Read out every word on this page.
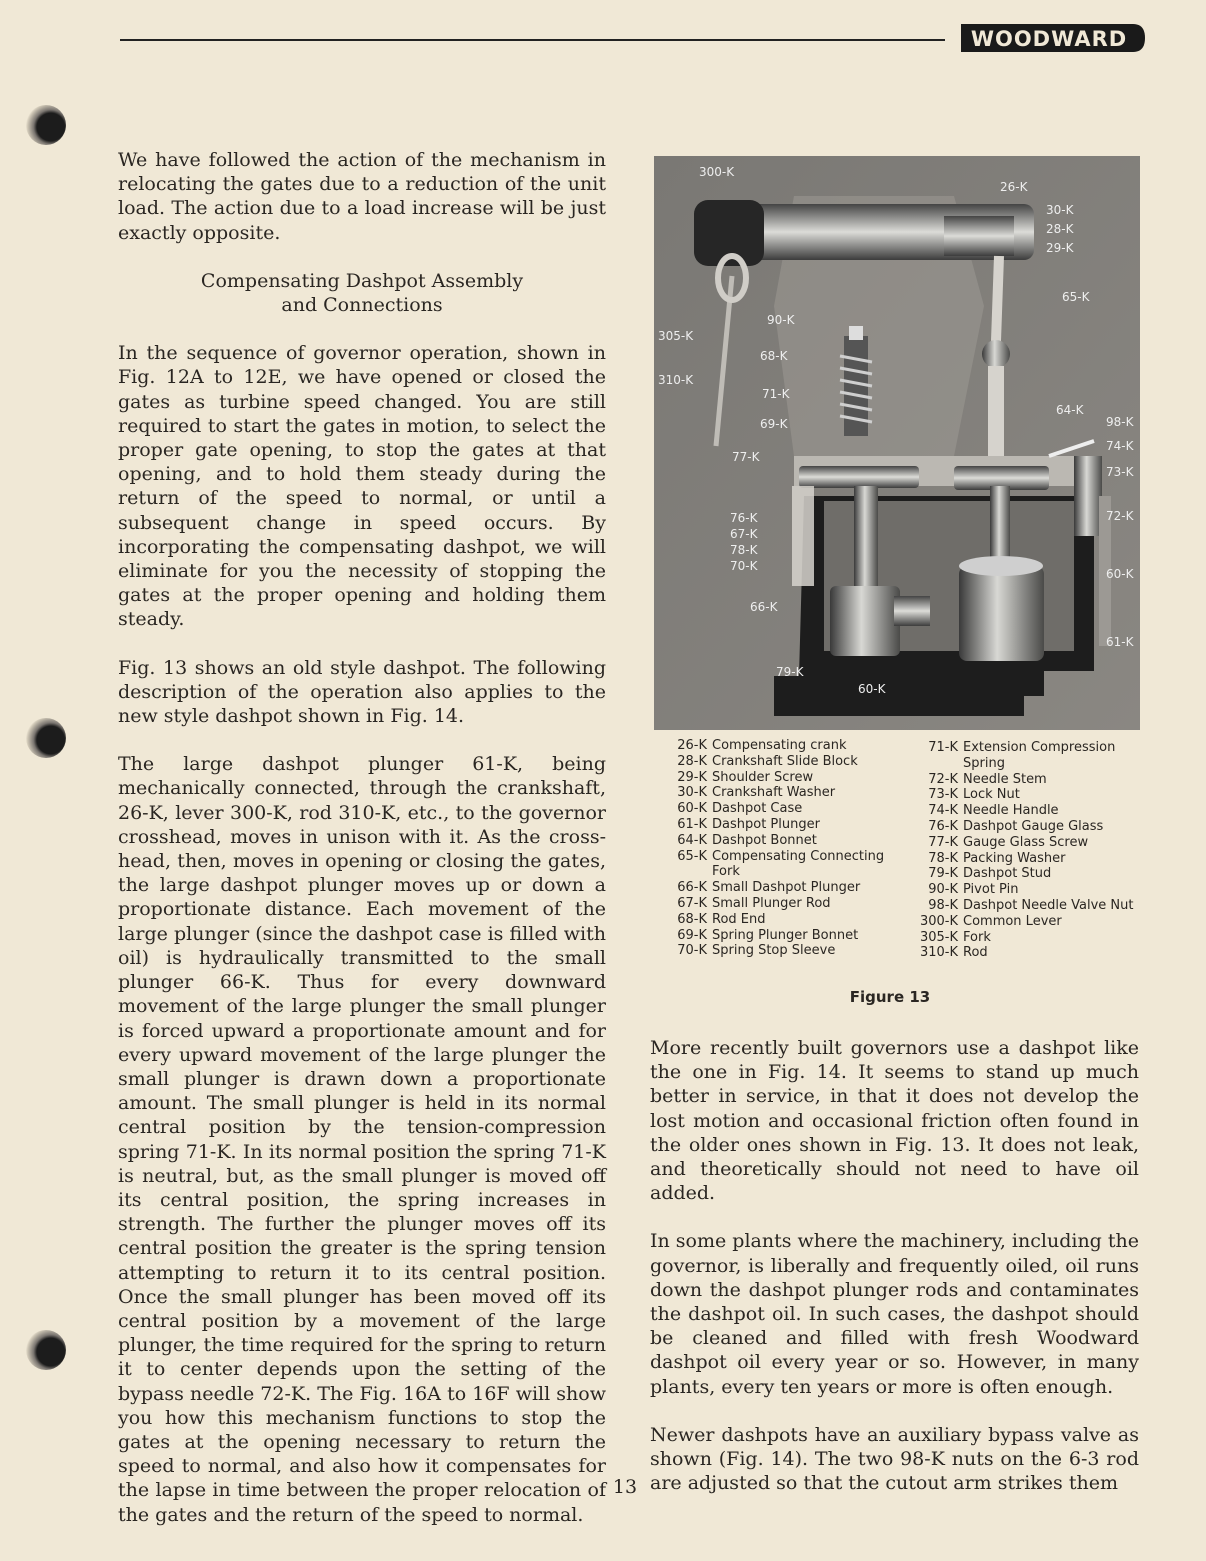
WOODWARD

We have followed the action of the mechanism in relocating the gates due to a reduction of the unit load. The action due to a load increase will be just exactly opposite.

Compensating Dashpot Assembly
and Connections

In the sequence of governor operation, shown in Fig. 12A to 12E, we have opened or closed the gates as turbine speed changed. You are still required to start the gates in motion, to select the proper gate opening, to stop the gates at that opening, and to hold them steady during the return of the speed to normal, or until a subsequent change in speed occurs. By incorporating the compensating dashpot, we will eliminate for you the necessity of stopping the gates at the proper opening and holding them steady.

Fig. 13 shows an old style dashpot. The following description of the operation also applies to the new style dashpot shown in Fig. 14.

The large dashpot plunger 61-K, being mechanically connected, through the crankshaft, 26-K, lever 300-K, rod 310-K, etc., to the governor crosshead, moves in unison with it. As the cross-head, then, moves in opening or closing the gates, the large dashpot plunger moves up or down a proportionate distance. Each movement of the large plunger (since the dashpot case is filled with oil) is hydraulically transmitted to the small plunger 66-K. Thus for every downward movement of the large plunger the small plunger is forced upward a proportionate amount and for every upward movement of the large plunger the small plunger is drawn down a proportionate amount. The small plunger is held in its normal central position by the tension-compression spring 71-K. In its normal position the spring 71-K is neutral, but, as the small plunger is moved off its central position, the spring increases in strength. The further the plunger moves off its central position the greater is the spring tension attempting to return it to its central position. Once the small plunger has been moved off its central position by a movement of the large plunger, the time required for the spring to return it to center depends upon the setting of the bypass needle 72-K. The Fig. 16A to 16F will show you how this mechanism functions to stop the gates at the opening necessary to return the speed to normal, and also how it compensates for the lapse in time between the proper relocation of the gates and the return of the speed to normal.

300-K
26-K
30-K
28-K
29-K
65-K
305-K
90-K
68-K
310-K
71-K
69-K
64-K
98-K
74-K
73-K
77-K
76-K	72-K
67-K
78-K
70-K
60-K
66-K
61-K
79-K
60-K
26-K Compensating crank
28-K Crankshaft Slide Block
29-K Shoulder Screw
30-K Crankshaft Washer
60-K Dashpot Case
61-K Dashpot Plunger
64-K Dashpot Bonnet
65-K Compensating Connecting Fork
66-K Small Dashpot Plunger
67-K Small Plunger Rod
68-K Rod End
69-K Spring Plunger Bonnet
70-K Spring Stop Sleeve
71-K Extension Compression Spring
72-K Needle Stem
73-K Lock Nut
74-K Needle Handle
76-K Dashpot Gauge Glass
77-K Gauge Glass Screw
78-K Packing Washer
79-K Dashpot Stud
90-K Pivot Pin
98-K Dashpot Needle Valve Nut
300-K Common Lever
305-K Fork
310-K Rod
Figure 13

More recently built governors use a dashpot like the one in Fig. 14. It seems to stand up much better in service, in that it does not develop the lost motion and occasional friction often found in the older ones shown in Fig. 13. It does not leak, and theoretically should not need to have oil added.

In some plants where the machinery, including the governor, is liberally and frequently oiled, oil runs down the dashpot plunger rods and contaminates the dashpot oil. In such cases, the dashpot should be cleaned and filled with fresh Woodward dashpot oil every year or so. However, in many plants, every ten years or more is often enough.

Newer dashpots have an auxiliary bypass valve as shown (Fig. 14). The two 98-K nuts on the 6-3 rod are adjusted so that the cutout arm strikes them

13
